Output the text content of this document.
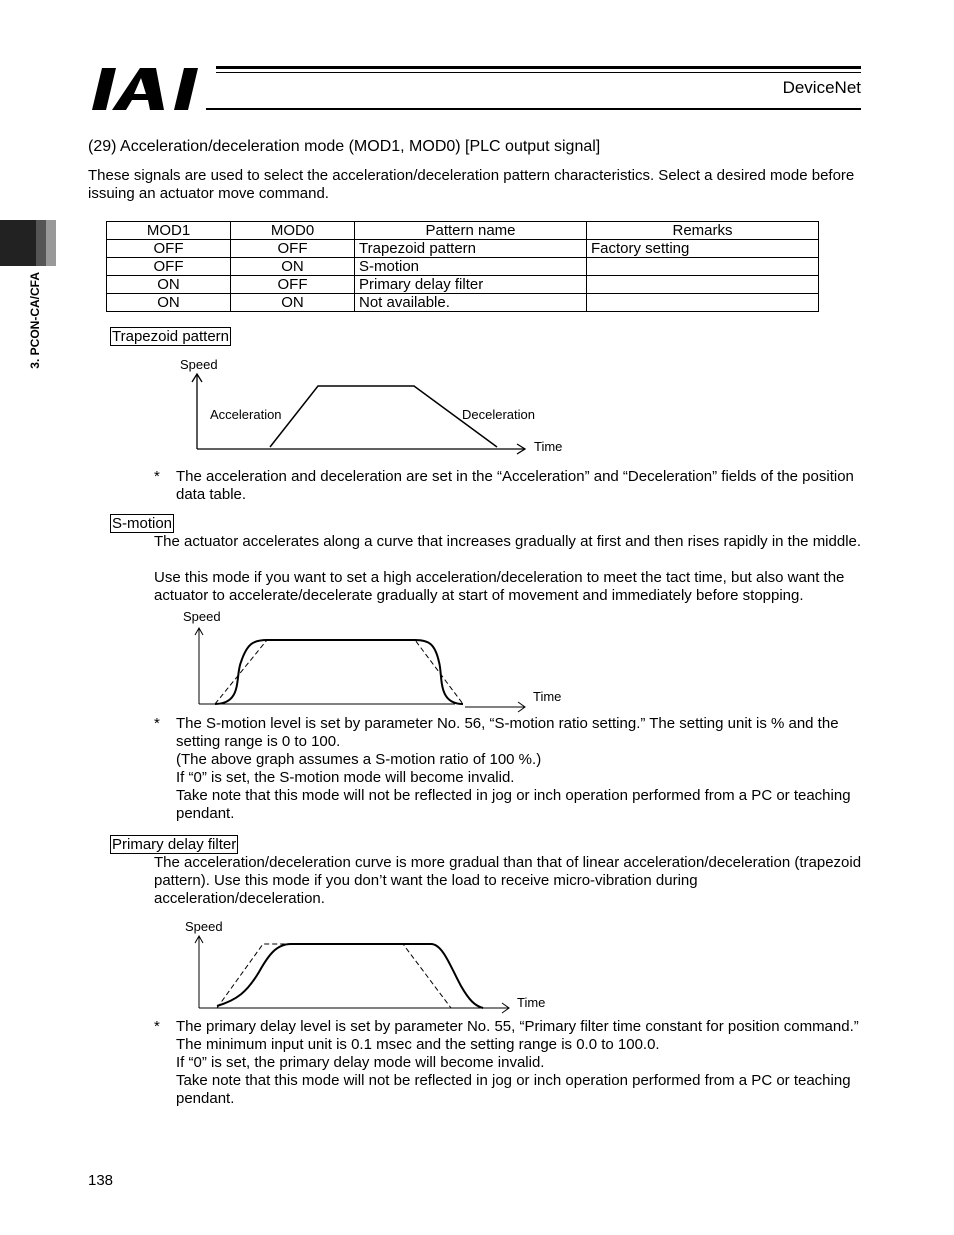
DeviceNet
3. PCON-CA/CFA
(29) Acceleration/deceleration mode (MOD1, MOD0) [PLC output signal]
These signals are used to select the acceleration/deceleration pattern characteristics. Select a desired mode before issuing an actuator move command.
MOD1	MOD0	Pattern name	Remarks
OFF	OFF	Trapezoid pattern	Factory setting
OFF	ON	S-motion	
ON	OFF	Primary delay filter	
ON	ON	Not available.	
Trapezoid pattern
Speed
Acceleration	Deceleration
Time
* The acceleration and deceleration are set in the “Acceleration” and “Deceleration” fields of the position data table.
S-motion
The actuator accelerates along a curve that increases gradually at first and then rises rapidly in the middle.
Use this mode if you want to set a high acceleration/deceleration to meet the tact time, but also want the actuator to accelerate/decelerate gradually at start of movement and immediately before stopping.
Speed
Time
* The S-motion level is set by parameter No. 56, “S-motion ratio setting.” The setting unit is % and the setting range is 0 to 100.
(The above graph assumes a S-motion ratio of 100 %.)
If “0” is set, the S-motion mode will become invalid.
Take note that this mode will not be reflected in jog or inch operation performed from a PC or teaching pendant.
Primary delay filter
The acceleration/deceleration curve is more gradual than that of linear acceleration/deceleration (trapezoid pattern). Use this mode if you don’t want the load to receive micro-vibration during acceleration/deceleration.
Speed
Time
* The primary delay level is set by parameter No. 55, “Primary filter time constant for position command.” The minimum input unit is 0.1 msec and the setting range is 0.0 to 100.0.
If “0” is set, the primary delay mode will become invalid.
Take note that this mode will not be reflected in jog or inch operation performed from a PC or teaching pendant.
138
